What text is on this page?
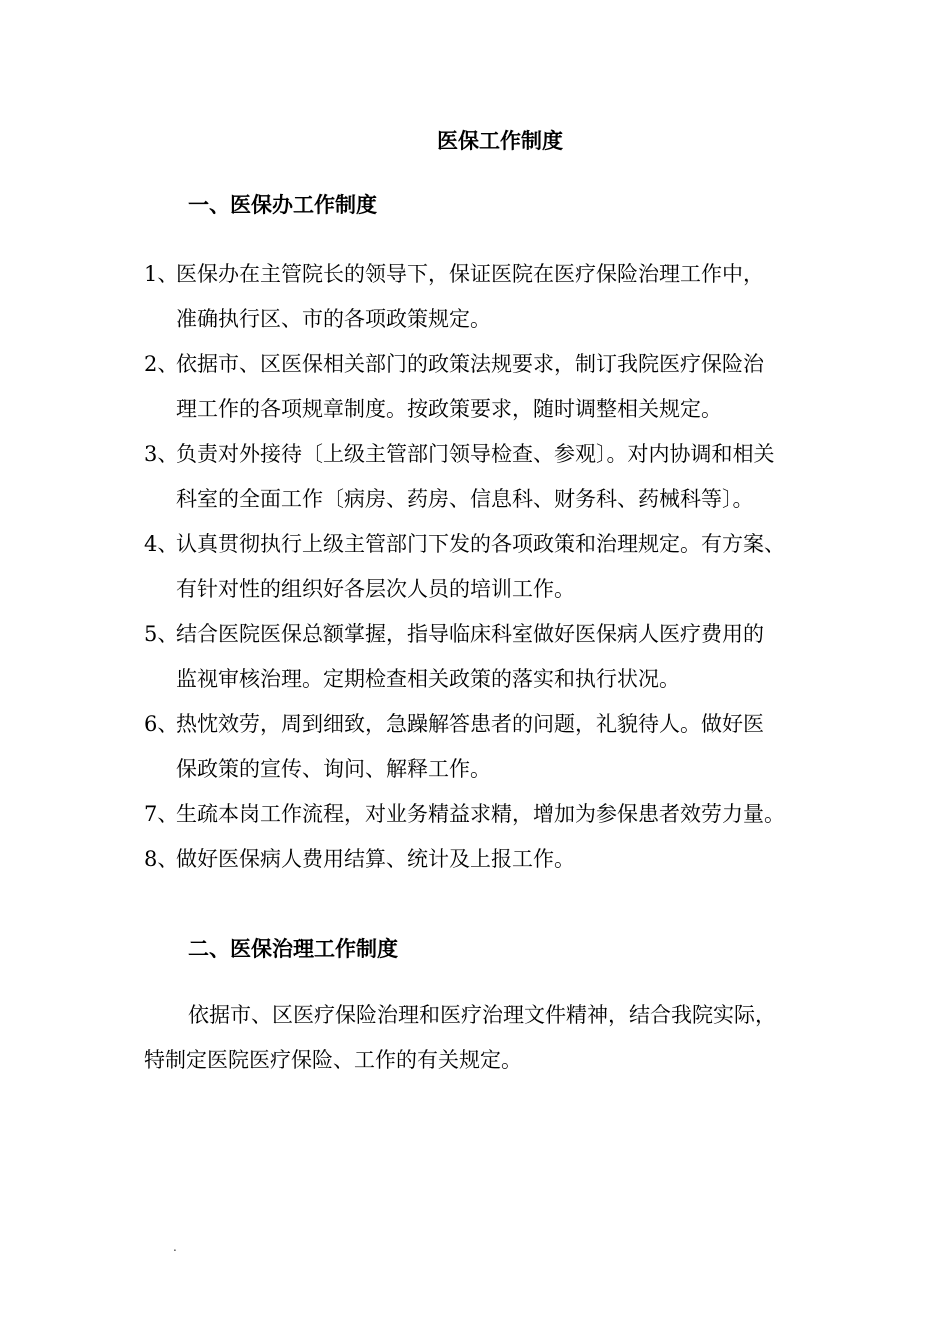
医保工作制度
一、医保办工作制度
1、
医保办在主管院长的领导下，保证医院在医疗保险治理工作中，
准确执行区、市的各项政策规定。
2、
依据市、区医保相关部门的政策法规要求，制订我院医疗保险治
理工作的各项规章制度。按政策要求，随时调整相关规定。
3、
负责对外接待〔上级主管部门领导检查、参观〕。对内协调和相关
科室的全面工作〔病房、药房、信息科、财务科、药械科等〕。
4、
认真贯彻执行上级主管部门下发的各项政策和治理规定。有方案、
有针对性的组织好各层次人员的培训工作。
5、
结合医院医保总额掌握，指导临床科室做好医保病人医疗费用的
监视审核治理。定期检查相关政策的落实和执行状况。
6、
热忱效劳，周到细致，急躁解答患者的问题，礼貌待人。做好医
保政策的宣传、询问、解释工作。
7、
生疏本岗工作流程，对业务精益求精，增加为参保患者效劳力量。
8、
做好医保病人费用结算、统计及上报工作。
二、医保治理工作制度

依据市、区医疗保险治理和医疗治理文件精神，结合我院实际，
特制定医院医疗保险、工作的有关规定。

.
